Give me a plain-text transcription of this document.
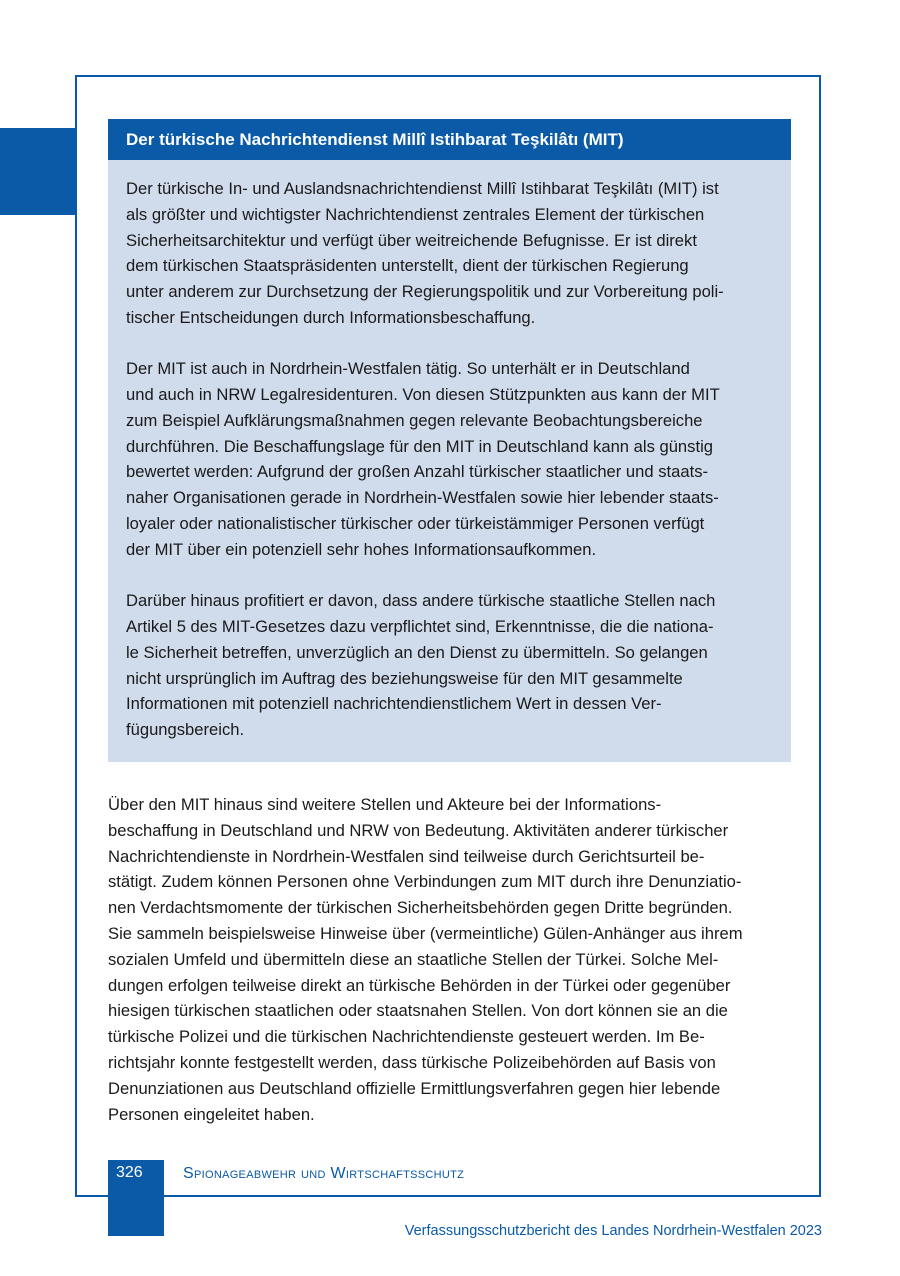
Der türkische Nachrichtendienst Millî Istihbarat Teşkilâtı (MIT)

Der türkische In- und Auslandsnachrichtendienst Millî Istihbarat Teşkilâtı (MIT) ist
als größter und wichtigster Nachrichtendienst zentrales Element der türkischen
Sicherheitsarchitektur und verfügt über weitreichende Befugnisse. Er ist direkt
dem türkischen Staatspräsidenten unterstellt, dient der türkischen Regierung
unter anderem zur Durchsetzung der Regierungspolitik und zur Vorbereitung poli-
tischer Entscheidungen durch Informationsbeschaffung.

Der MIT ist auch in Nordrhein-Westfalen tätig. So unterhält er in Deutschland
und auch in NRW Legalresidenturen. Von diesen Stützpunkten aus kann der MIT
zum Beispiel Aufklärungsmaßnahmen gegen relevante Beobachtungsbereiche
durchführen. Die Beschaffungslage für den MIT in Deutschland kann als günstig
bewertet werden: Aufgrund der großen Anzahl türkischer staatlicher und staats-
naher Organisationen gerade in Nordrhein-Westfalen sowie hier lebender staats-
loyaler oder nationalistischer türkischer oder türkeistämmiger Personen verfügt
der MIT über ein potenziell sehr hohes Informationsaufkommen.

Darüber hinaus profitiert er davon, dass andere türkische staatliche Stellen nach
Artikel 5 des MIT-Gesetzes dazu verpflichtet sind, Erkenntnisse, die die nationa-
le Sicherheit betreffen, unverzüglich an den Dienst zu übermitteln. So gelangen
nicht ursprünglich im Auftrag des beziehungsweise für den MIT gesammelte
Informationen mit potenziell nachrichtendienstlichem Wert in dessen Ver-
fügungsbereich.

Über den MIT hinaus sind weitere Stellen und Akteure bei der Informations-
beschaffung in Deutschland und NRW von Bedeutung. Aktivitäten anderer türkischer
Nachrichtendienste in Nordrhein-Westfalen sind teilweise durch Gerichtsurteil be-
stätigt. Zudem können Personen ohne Verbindungen zum MIT durch ihre Denunziatio-
nen Verdachtsmomente der türkischen Sicherheitsbehörden gegen Dritte begründen.
Sie sammeln beispielsweise Hinweise über (vermeintliche) Gülen-Anhänger aus ihrem
sozialen Umfeld und übermitteln diese an staatliche Stellen der Türkei. Solche Mel-
dungen erfolgen teilweise direkt an türkische Behörden in der Türkei oder gegenüber
hiesigen türkischen staatlichen oder staatsnahen Stellen. Von dort können sie an die
türkische Polizei und die türkischen Nachrichtendienste gesteuert werden. Im Be-
richtsjahr konnte festgestellt werden, dass türkische Polizeibehörden auf Basis von
Denunziationen aus Deutschland offizielle Ermittlungsverfahren gegen hier lebende
Personen eingeleitet haben.
326	Spionageabwehr und Wirtschaftsschutz
Verfassungsschutzbericht des Landes Nordrhein-Westfalen 2023
